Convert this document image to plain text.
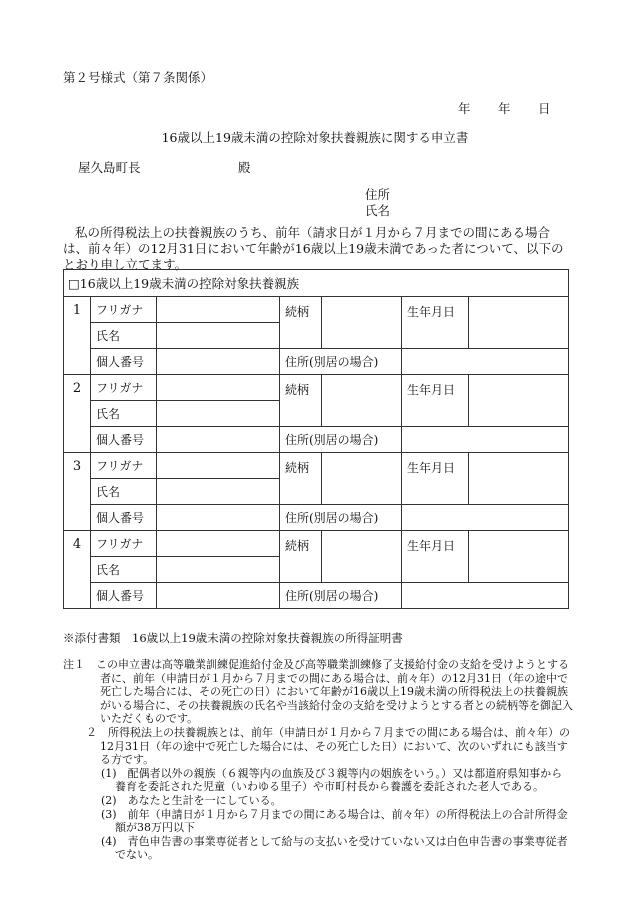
第２号様式（第７条関係）
年 年 日
16歳以上19歳未満の控除対象扶養親族に関する申立書
屋久島町長	殿
住所
氏名
私の所得税法上の扶養親族のうち、前年（請求日が１月から７月までの間にある場合は、前々年）の12月31日において年齢が16歳以上19歳未満であった者について、以下のとおり申し立てます。
□16歳以上19歳未満の控除対象扶養親族						
1	フリガナ		続柄		生年月日	
	氏名					
	個人番号		住所(別居の場合)			
2	フリガナ		続柄		生年月日	
	氏名					
	個人番号		住所(別居の場合)			
3	フリガナ		続柄		生年月日	
	氏名					
	個人番号		住所(別居の場合)			
4	フリガナ		続柄		生年月日	
	氏名					
	個人番号		住所(別居の場合)			
※添付書類　16歳以上19歳未満の控除対象扶養親族の所得証明書
注１　この申立書は高等職業訓練促進給付金及び高等職業訓練修了支援給付金の支給を受けようとする者に、前年（申請日が１月から７月までの間にある場合は、前々年）の12月31日（年の途中で死亡した場合には、その死亡の日）において年齢が16歳以上19歳未満の所得税法上の扶養親族がいる場合に、その扶養親族の氏名や当該給付金の支給を受けようとする者との続柄等を御記入いただくものです。
２　所得税法上の扶養親族とは、前年（申請日が１月から７月までの間にある場合は、前々年）の12月31日（年の途中で死亡した場合には、その死亡した日）において、次のいずれにも該当する方です。
(1)　配偶者以外の親族（６親等内の血族及び３親等内の姻族をいう。）又は都道府県知事から養育を委託された児童（いわゆる里子）や市町村長から養護を委託された老人である。
(2)　あなたと生計を一にしている。
(3)　前年（申請日が１月から７月までの間にある場合は、前々年）の所得税法上の合計所得金額が38万円以下
(4)　青色申告書の事業専従者として給与の支払いを受けていない又は白色申告書の事業専従者でない。
